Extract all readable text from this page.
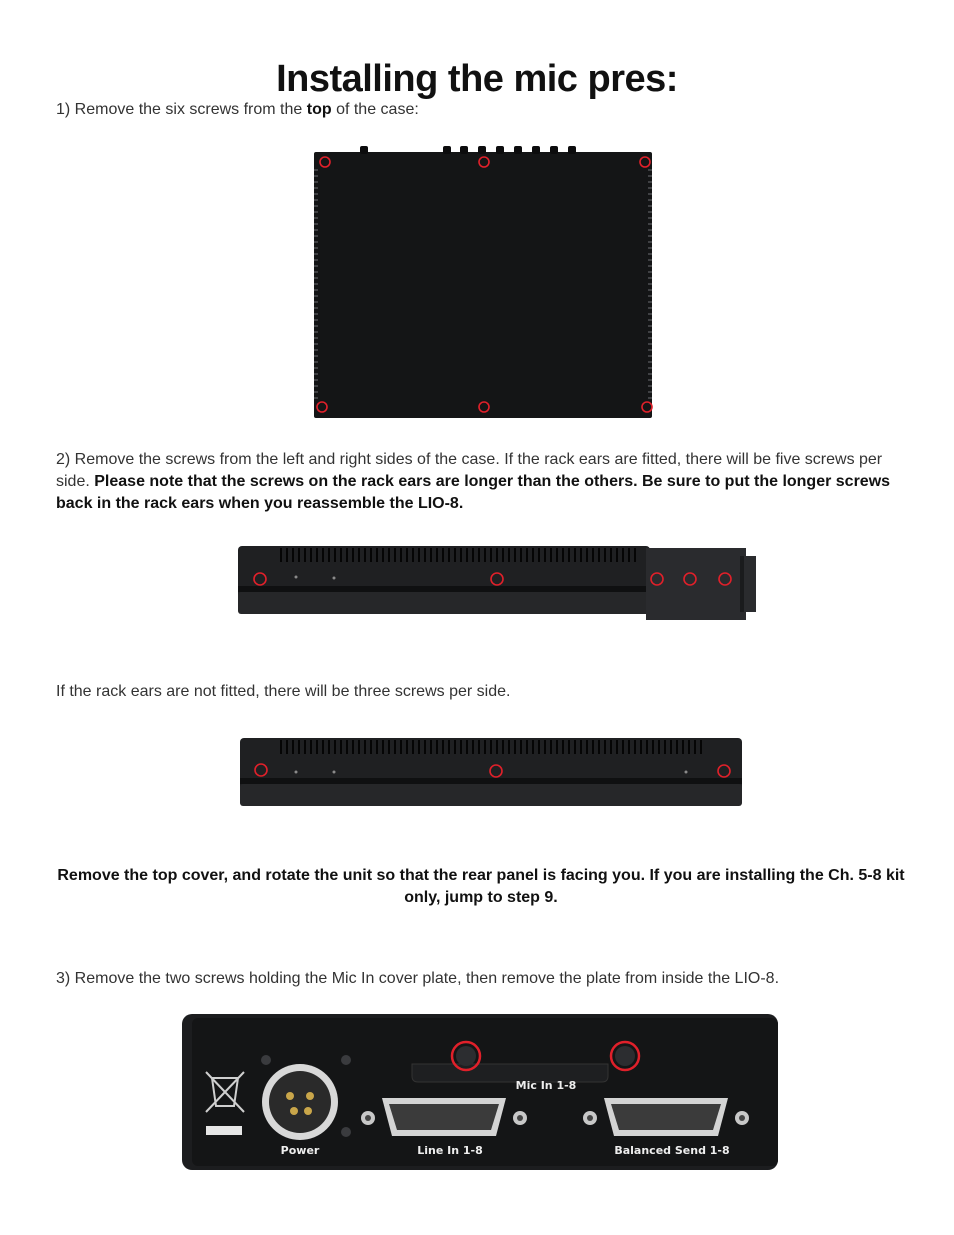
Installing the mic pres:

1) Remove the six screws from the top of the case:

2) Remove the screws from the left and right sides of the case. If the rack ears are fitted, there will be five screws per side. Please note that the screws on the rack ears are longer than the others. Be sure to put the longer screws back in the rack ears when you reassemble the LIO-8.

If the rack ears are not fitted, there will be three screws per side.

Remove the top cover, and rotate the unit so that the rear panel is facing you. If you are installing the Ch. 5-8 kit only, jump to step 9.

3) Remove the two screws holding the Mic In cover plate, then remove the plate from inside the LIO-8.

Mic In 1-8
Power	Line In 1-8	Balanced Send 1-8
